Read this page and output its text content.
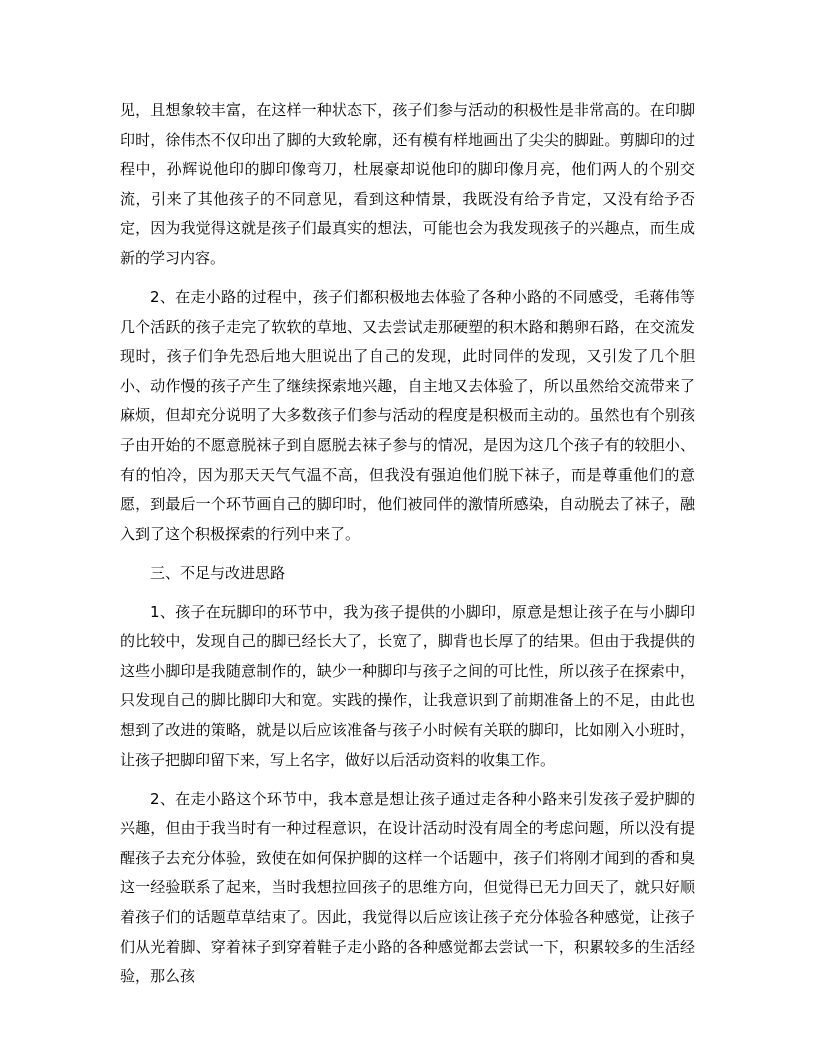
见，且想象较丰富，在这样一种状态下，孩子们参与活动的积极性是非常高的。在印脚印时，徐伟杰不仅印出了脚的大致轮廓，还有模有样地画出了尖尖的脚趾。剪脚印的过程中，孙辉说他印的脚印像弯刀，杜展豪却说他印的脚印像月亮，他们两人的个别交流，引来了其他孩子的不同意见，看到这种情景，我既没有给予肯定，又没有给予否定，因为我觉得这就是孩子们最真实的想法，可能也会为我发现孩子的兴趣点，而生成新的学习内容。

2、在走小路的过程中，孩子们都积极地去体验了各种小路的不同感受，毛蒋伟等几个活跃的孩子走完了软软的草地、又去尝试走那硬塑的积木路和鹅卵石路，在交流发现时，孩子们争先恐后地大胆说出了自己的发现，此时同伴的发现，又引发了几个胆小、动作慢的孩子产生了继续探索地兴趣，自主地又去体验了，所以虽然给交流带来了麻烦，但却充分说明了大多数孩子们参与活动的程度是积极而主动的。虽然也有个别孩子由开始的不愿意脱袜子到自愿脱去袜子参与的情况，是因为这几个孩子有的较胆小、有的怕冷，因为那天天气气温不高，但我没有强迫他们脱下袜子，而是尊重他们的意愿，到最后一个环节画自己的脚印时，他们被同伴的激情所感染，自动脱去了袜子，融入到了这个积极探索的行列中来了。

三、不足与改进思路

1、孩子在玩脚印的环节中，我为孩子提供的小脚印，原意是想让孩子在与小脚印的比较中，发现自己的脚已经长大了，长宽了，脚背也长厚了的结果。但由于我提供的这些小脚印是我随意制作的，缺少一种脚印与孩子之间的可比性，所以孩子在探索中，只发现自己的脚比脚印大和宽。实践的操作，让我意识到了前期准备上的不足，由此也想到了改进的策略，就是以后应该准备与孩子小时候有关联的脚印，比如刚入小班时，让孩子把脚印留下来，写上名字，做好以后活动资料的收集工作。

2、在走小路这个环节中，我本意是想让孩子通过走各种小路来引发孩子爱护脚的兴趣，但由于我当时有一种过程意识，在设计活动时没有周全的考虑问题，所以没有提醒孩子去充分体验，致使在如何保护脚的这样一个话题中，孩子们将刚才闻到的香和臭这一经验联系了起来，当时我想拉回孩子的思维方向，但觉得已无力回天了，就只好顺着孩子们的话题草草结束了。因此，我觉得以后应该让孩子充分体验各种感觉，让孩子们从光着脚、穿着袜子到穿着鞋子走小路的各种感觉都去尝试一下，积累较多的生活经验，那么孩
